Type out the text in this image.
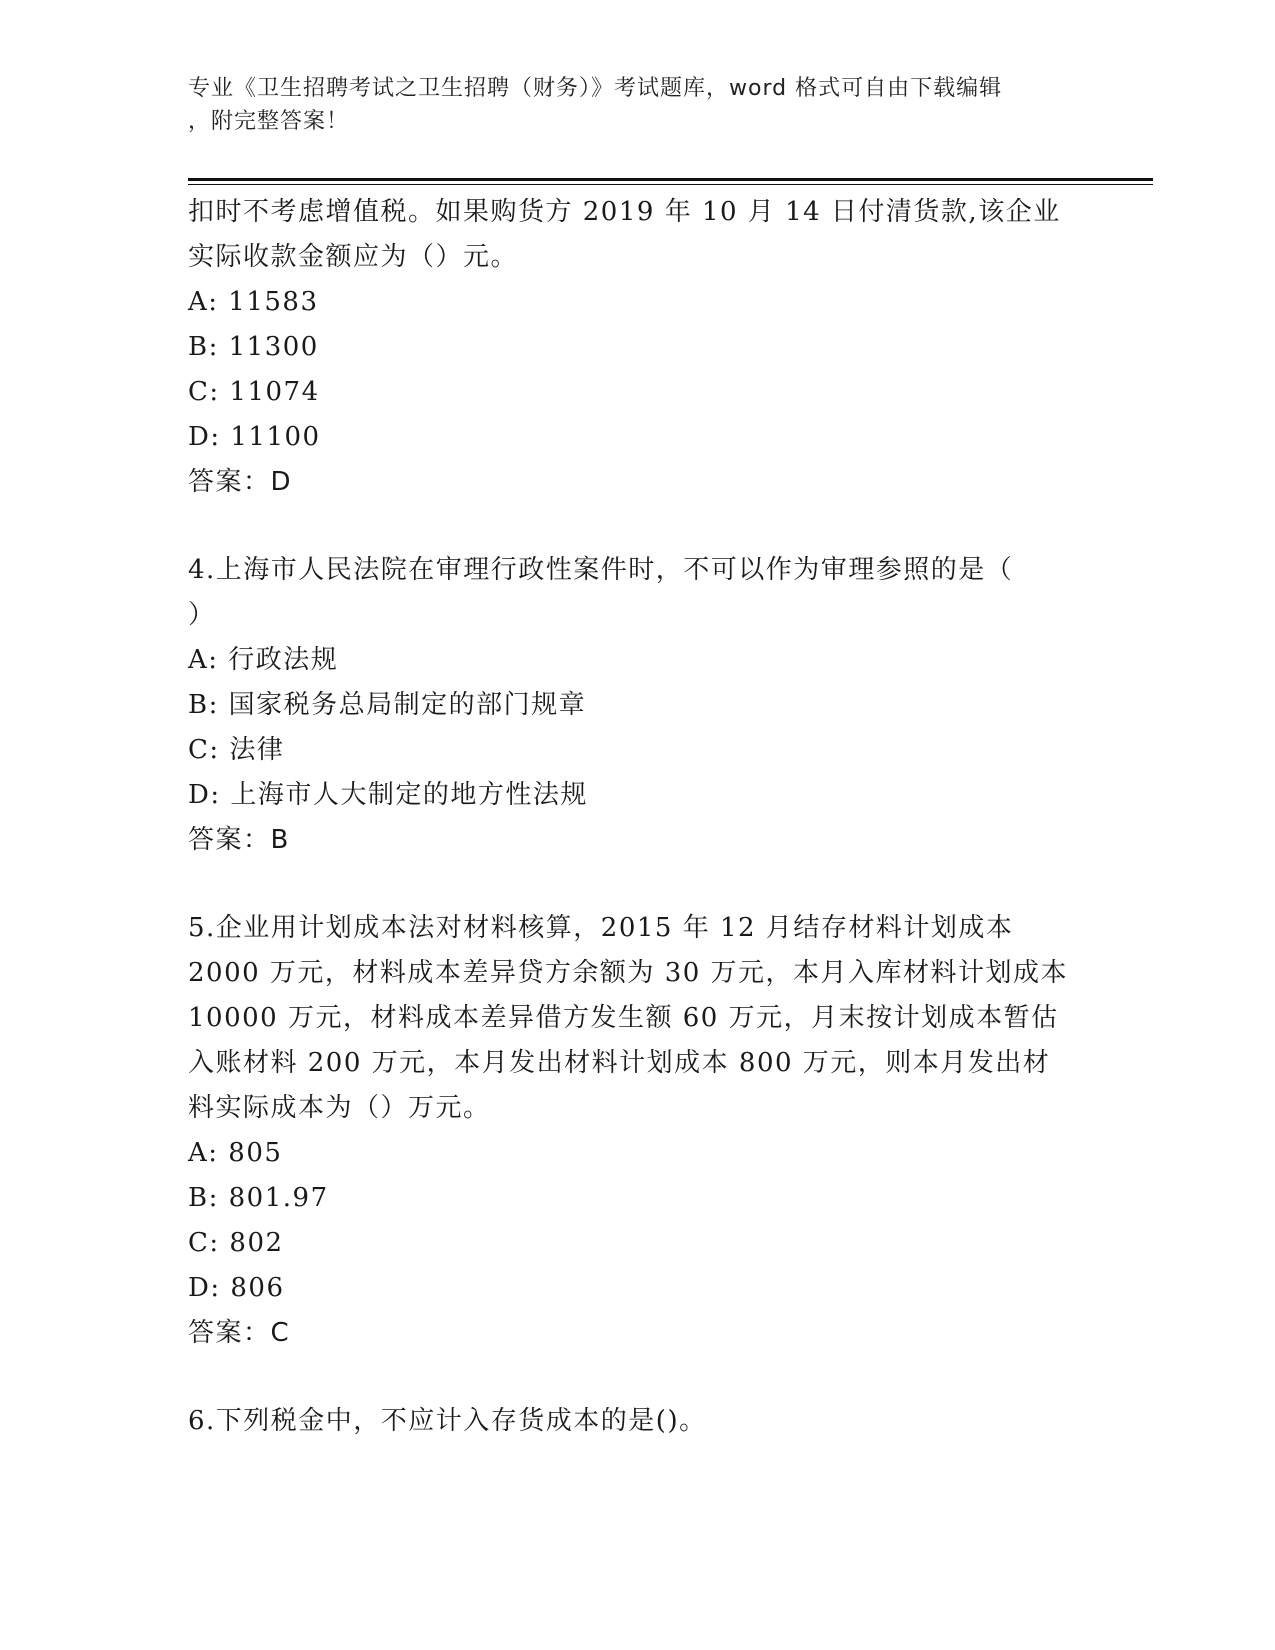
专业《卫生招聘考试之卫生招聘（财务）》考试题库，word 格式可自由下载编辑
，附完整答案！
扣时不考虑增值税。如果购货方 2019 年 10 月 14 日付清货款,该企业
实际收款金额应为（）元。
A: 11583
B: 11300
C: 11074
D: 11100
答案：D
4.上海市人民法院在审理行政性案件时，不可以作为审理参照的是（
）
A: 行政法规
B: 国家税务总局制定的部门规章
C: 法律
D: 上海市人大制定的地方性法规
答案：B
5.企业用计划成本法对材料核算，2015 年 12 月结存材料计划成本
2000 万元，材料成本差异贷方余额为 30 万元，本月入库材料计划成本
10000 万元，材料成本差异借方发生额 60 万元，月末按计划成本暂估
入账材料 200 万元，本月发出材料计划成本 800 万元，则本月发出材
料实际成本为（）万元。
A: 805
B: 801.97
C: 802
D: 806
答案：C
6.下列税金中，不应计入存货成本的是()。
